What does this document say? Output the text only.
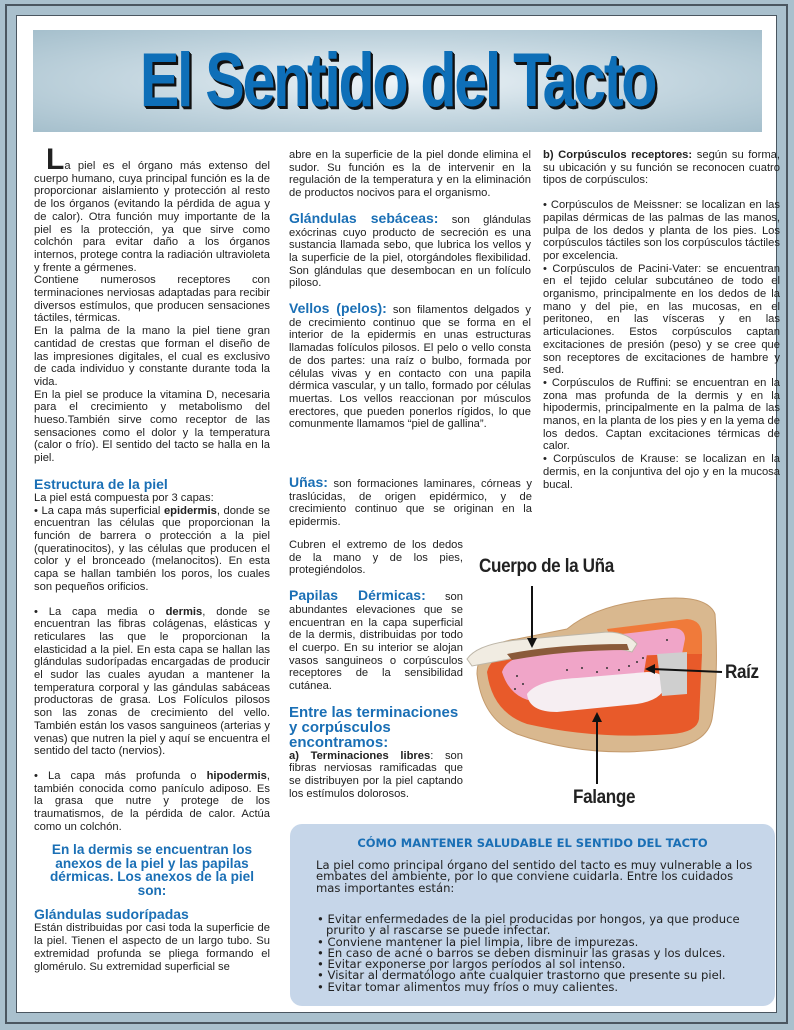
El Sentido del Tacto

La piel es el órgano más extenso del cuerpo humano, cuya principal función es la de proporcionar aislamiento y protección al resto de los órganos (evitando la pérdida de agua y de calor). Otra función muy importante de la piel es la protección, ya que sirve como colchón para evitar daño a los órganos internos, protege contra la radiación ultravioleta y frente a gérmenes.

Contiene numerosos receptores con terminaciones nerviosas adaptadas para recibir diversos estímulos, que producen sensaciones táctiles, térmicas.

En la palma de la mano la piel tiene gran cantidad de crestas que forman el diseño de las impresiones digitales, el cual es exclusivo de cada individuo y constante durante toda la vida.

En la piel se produce la vitamina D, necesaria para el crecimiento y metabolismo del hueso.También sirve como receptor de las sensaciones como el dolor y la temperatura (calor o frío). El sentido del tacto se halla en la piel.

Estructura de la piel

La piel está compuesta por 3 capas:

• La capa más superficial epidermis, donde se encuentran las células que proporcionan la función de barrera o protección a la piel (queratinocitos), y las células que producen el color y el bronceado (melanocitos). En esta capa se hallan también los poros, los cuales son pequeños orificios.

• La capa media o dermis, donde se encuentran las fibras colágenas, elásticas y reticulares las que le proporcionan la elasticidad a la piel. En esta capa se hallan las glándulas sudorípadas encargadas de producir el sudor las cuales ayudan a mantener la temperatura corporal y las gándulas sabáceas productoras de grasa. Los Folículos pilosos son las zonas de crecimiento del vello. También están los vasos sanguineos (arterias y venas) que nutren la piel y aquí se encuentra el sentido del tacto (nervios).

• La capa más profunda o hipodermis, también conocida como panículo adiposo. Es la grasa que nutre y protege de los traumatismos, de la pérdida de calor. Actúa como un colchón.

En la dermis se encuentran los anexos de la piel y las papilas dérmicas. Los anexos de la piel son:
Glándulas sudorípadas

Están distribuidas por casi toda la superficie de la piel. Tienen el aspecto de un largo tubo. Su extremidad profunda se pliega formando el glomérulo. Su extremidad superficial se

abre en la superficie de la piel donde elimina el sudor. Su función es la de intervenir en la regulación de la temperatura y en la eliminación de productos nocivos para el organismo.

Glándulas sebáceas: son glándulas exócrinas cuyo producto de secreción es una sustancia llamada sebo, que lubrica los vellos y la superficie de la piel, otorgándoles flexibilidad. Son glándulas que desembocan en un folículo piloso.

Vellos (pelos): son filamentos delgados y de crecimiento continuo que se forma en el interior de la epidermis en unas estructuras llamadas folículos pilosos. El pelo o vello consta de dos partes: una raíz o bulbo, formada por células vivas y en contacto con una papila dérmica vascular, y un tallo, formado por células muertas. Los vellos reaccionan por músculos erectores, que pueden ponerlos rígidos, lo que comunmente llamamos “piel de gallina”.

Uñas: son formaciones laminares, córneas y traslúcidas, de origen epidérmico, y de crecimiento continuo que se originan en la epidermis.

Cubren el extremo de los dedos de la mano y de los pies, protegiéndolos.

Papilas Dérmicas: son abundantes elevaciones que se encuentran en la capa superficial de la dermis, distribuidas por todo el cuerpo. En su interior se alojan vasos sanguineos o corpúsculos receptores de la sensibilidad cutánea.

Entre las terminaciones y corpúsculos encontramos:

a) Terminaciones libres: son fibras nerviosas ramificadas que se distribuyen por la piel captando los estímulos dolorosos.

b) Corpúsculos receptores: según su forma, su ubicación y su función se reconocen cuatro tipos de corpúsculos:

• Corpúsculos de Meissner: se localizan en las papilas dérmicas de las palmas de las manos, pulpa de los dedos y planta de los pies. Los corpúsculos táctiles son los corpúsculos táctiles por excelencia.

• Corpúsculos de Pacini-Vater: se encuentran en el tejido celular subcutáneo de todo el organismo, principalmente en los dedos de la mano y del pie, en las mucosas, en el peritoneo, en las vísceras y en las articulaciones. Estos corpúsculos captan excitaciones de presión (peso) y se cree que son receptores de excitaciones de hambre y sed.

• Corpúsculos de Ruffini: se encuentran en la zona mas profunda de la dermis y en la hipodermis, principalmente en la palma de las manos, en la planta de los pies y en la yema de los dedos. Captan excitaciones térmicas de calor.

• Corpúsculos de Krause: se localizan en la dermis, en la conjuntiva del ojo y en la mucosa bucal.

Cuerpo de la Uña
Raíz
Falange
CÓMO MANTENER SALUDABLE EL SENTIDO DEL TACTO
La piel como principal órgano del sentido del tacto es muy vulnerable a los embates del ambiente, por lo que conviene cuidarla. Entre los cuidados mas importantes están:
• Evitar enfermedades de la piel producidas por hongos, ya que produce prurito y al rascarse se puede infectar.
• Conviene mantener la piel limpia, libre de impurezas.
• En caso de acné o barros se deben disminuir las grasas y los dulces.
• Evitar exponerse por largos períodos al sol intenso.
• Visitar al dermatólogo ante cualquier trastorno que presente su piel.
• Evitar tomar alimentos muy fríos o muy calientes.
